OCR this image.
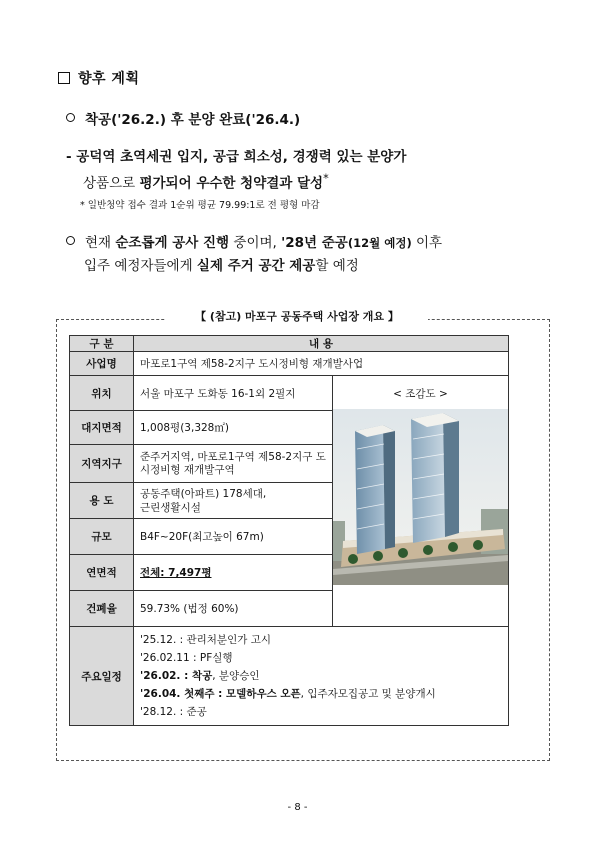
향후 계획
착공('26.2.) 후 분양 완료('26.4.)
- 공덕역 초역세권 입지, 공급 희소성, 경쟁력 있는 분양가
상품으로 평가되어 우수한 청약결과 달성*
* 일반청약 접수 결과 1순위 평균 79.99:1로 전 평형 마감
현재 순조롭게 공사 진행 중이며, '28년 준공(12월 예정) 이후
입주 예정자들에게 실제 주거 공간 제공할 예정
【 (참고) 마포구 공동주택 사업장 개요 】
구 분	내 용	
사업명	마포로1구역 제58-2지구 도시정비형 재개발사업	
위치	서울 마포구 도화동 16-1외 2필지	< 조감도 >

대지면적	1,008평(3,328㎡)	
지역지구	준주거지역, 마포로1구역 제58-2지구 도시정비형 재개발구역	
용 도	공동주택(아파트) 178세대,
근린생활시설	

규모	B4F~20F(최고높이 67m)	
연면적	전체: 7,497평	
건폐율	59.73% (법정 60%)	
주요일정	'25.12. : 관리처분인가 고시
'26.02.11 : PF실행
'26.02. : 착공, 분양승인
'26.04. 첫째주 : 모델하우스 오픈, 입주자모집공고 및 분양개시
'28.12. : 준공	
- 8 -
